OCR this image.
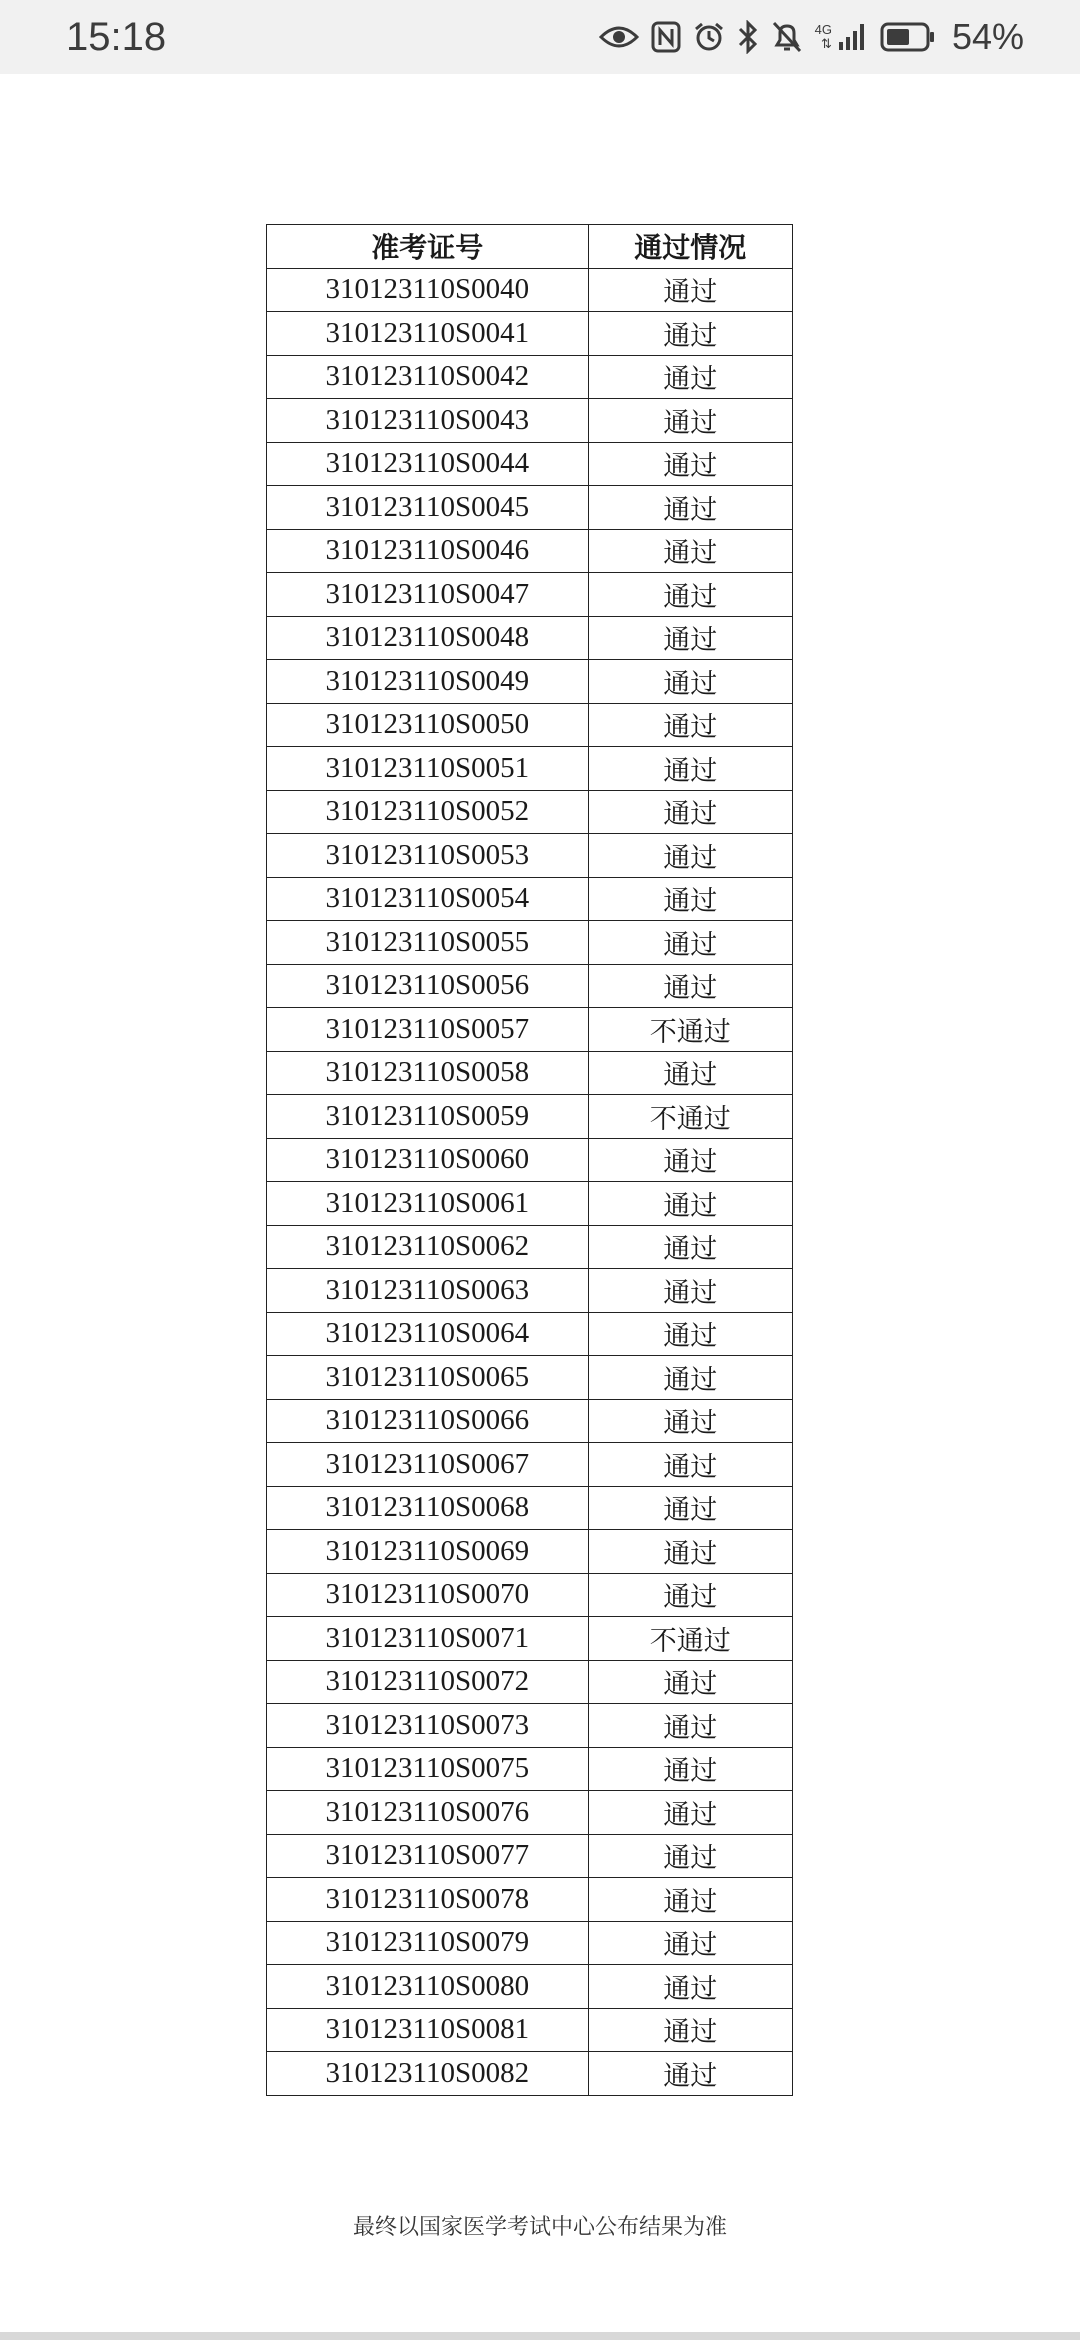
15:18	4G
⇅	54%
准考证号	通过情况
310123110S0040	通过
310123110S0041	通过
310123110S0042	通过
310123110S0043	通过
310123110S0044	通过
310123110S0045	通过
310123110S0046	通过
310123110S0047	通过
310123110S0048	通过
310123110S0049	通过
310123110S0050	通过
310123110S0051	通过
310123110S0052	通过
310123110S0053	通过
310123110S0054	通过
310123110S0055	通过
310123110S0056	通过
310123110S0057	不通过
310123110S0058	通过
310123110S0059	不通过
310123110S0060	通过
310123110S0061	通过
310123110S0062	通过
310123110S0063	通过
310123110S0064	通过
310123110S0065	通过
310123110S0066	通过
310123110S0067	通过
310123110S0068	通过
310123110S0069	通过
310123110S0070	通过
310123110S0071	不通过
310123110S0072	通过
310123110S0073	通过
310123110S0075	通过
310123110S0076	通过
310123110S0077	通过
310123110S0078	通过
310123110S0079	通过
310123110S0080	通过
310123110S0081	通过
310123110S0082	通过
最终以国家医学考试中心公布结果为准
